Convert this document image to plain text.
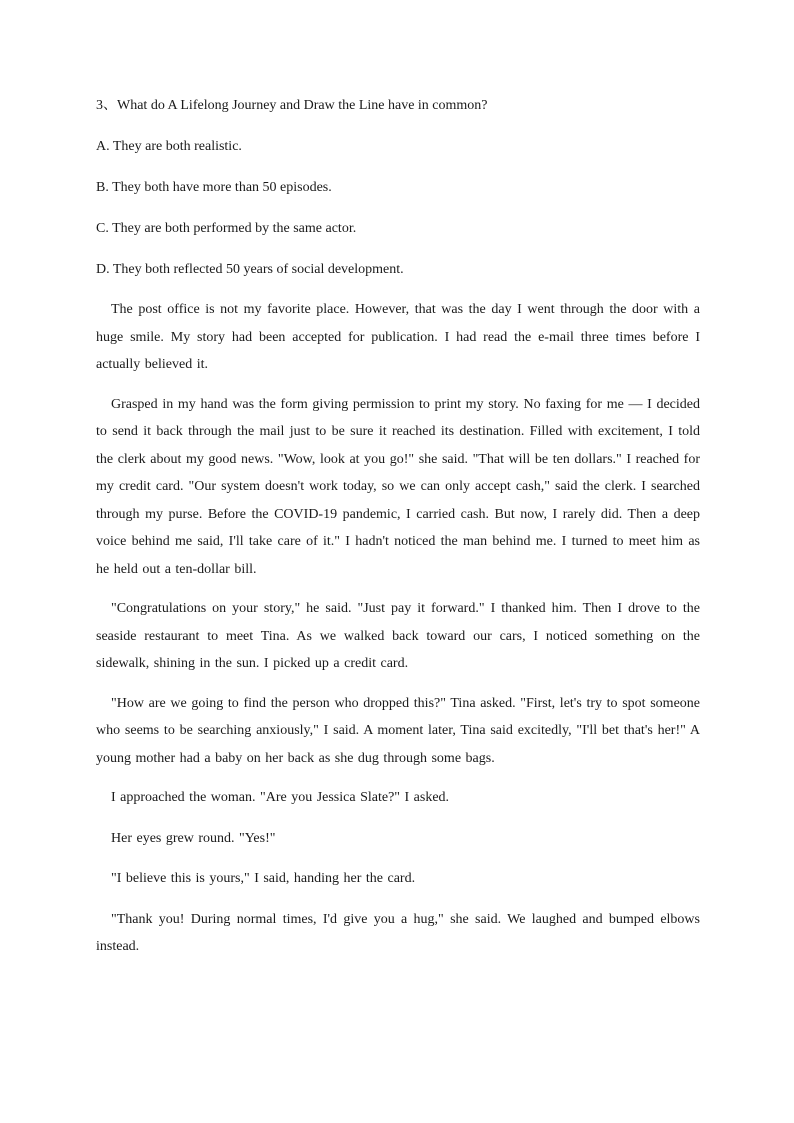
3、What do A Lifelong Journey and Draw the Line have in common?

A. They are both realistic.

B. They both have more than 50 episodes.

C. They are both performed by the same actor.

D. They both reflected 50 years of social development.

The post office is not my favorite place. However, that was the day I went through the door with a huge smile. My story had been accepted for publication. I had read the e-mail three times before I actually believed it.

Grasped in my hand was the form giving permission to print my story. No faxing for me — I decided to send it back through the mail just to be sure it reached its destination. Filled with excitement, I told the clerk about my good news. "Wow, look at you go!" she said. "That will be ten dollars." I reached for my credit card. "Our system doesn't work today, so we can only accept cash," said the clerk. I searched through my purse. Before the COVID-19 pandemic, I carried cash. But now, I rarely did. Then a deep voice behind me said, I'll take care of it." I hadn't noticed the man behind me. I turned to meet him as he held out a ten-dollar bill.

"Congratulations on your story," he said. "Just pay it forward." I thanked him. Then I drove to the seaside restaurant to meet Tina. As we walked back toward our cars, I noticed something on the sidewalk, shining in the sun. I picked up a credit card.

"How are we going to find the person who dropped this?" Tina asked. "First, let's try to spot someone who seems to be searching anxiously," I said. A moment later, Tina said excitedly, "I'll bet that's her!" A young mother had a baby on her back as she dug through some bags.

I approached the woman. "Are you Jessica Slate?" I asked.

Her eyes grew round. "Yes!"

"I believe this is yours," I said, handing her the card.

"Thank you! During normal times, I'd give you a hug," she said. We laughed and bumped elbows instead.
